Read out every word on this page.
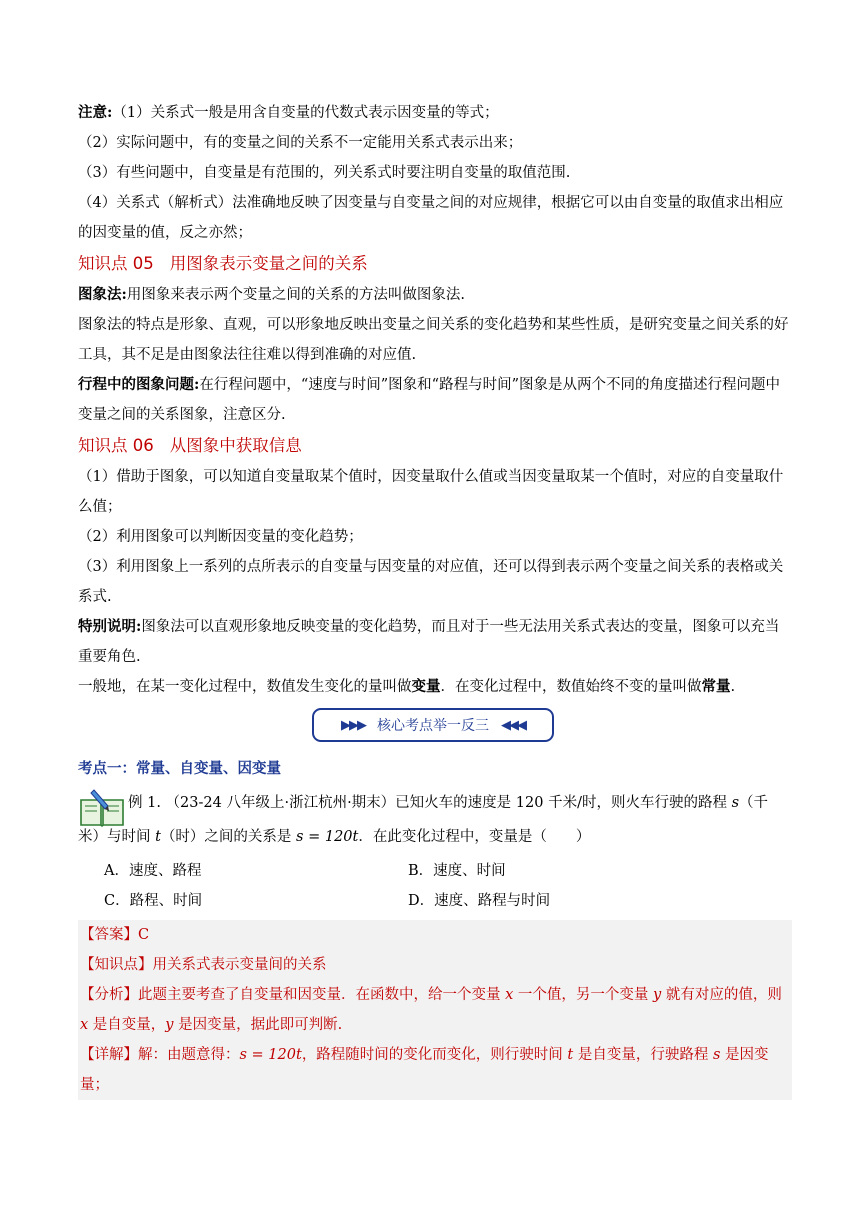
注意:（1）关系式一般是用含自变量的代数式表示因变量的等式；

（2）实际问题中，有的变量之间的关系不一定能用关系式表示出来；

（3）有些问题中，自变量是有范围的，列关系式时要注明自变量的取值范围.

（4）关系式（解析式）法准确地反映了因变量与自变量之间的对应规律，根据它可以由自变量的取值求出相应的因变量的值，反之亦然；

知识点 05 用图象表示变量之间的关系

图象法:用图象来表示两个变量之间的关系的方法叫做图象法.

图象法的特点是形象、直观，可以形象地反映出变量之间关系的变化趋势和某些性质，是研究变量之间关系的好工具，其不足是由图象法往往难以得到准确的对应值.

行程中的图象问题:在行程问题中，“速度与时间”图象和“路程与时间”图象是从两个不同的角度描述行程问题中变量之间的关系图象，注意区分.

知识点 06 从图象中获取信息

（1）借助于图象，可以知道自变量取某个值时，因变量取什么值或当因变量取某一个值时，对应的自变量取什么值；

（2）利用图象可以判断因变量的变化趋势；

（3）利用图象上一系列的点所表示的自变量与因变量的对应值，还可以得到表示两个变量之间关系的表格或关系式.

特别说明:图象法可以直观形象地反映变量的变化趋势，而且对于一些无法用关系式表达的变量，图象可以充当重要角色.

一般地，在某一变化过程中，数值发生变化的量叫做变量．在变化过程中，数值始终不变的量叫做常量.

▶▶▶ 核心考点举一反三 ◀◀◀

考点一：常量、自变量、因变量

例 1. （23-24 八年级上·浙江杭州·期末）已知火车的速度是 120 千米/时，则火车行驶的路程 s（千

米）与时间 t（时）之间的关系是 s = 120t．在此变化过程中，变量是（　　）

A．速度、路程	B．速度、时间
C．路程、时间	D．速度、路程与时间

【答案】C

【知识点】用关系式表示变量间的关系

【分析】此题主要考查了自变量和因变量．在函数中，给一个变量 x 一个值，另一个变量 y 就有对应的值，则 x 是自变量，y 是因变量，据此即可判断.

【详解】解：由题意得：s = 120t，路程随时间的变化而变化，则行驶时间 t 是自变量，行驶路程 s 是因变量；
